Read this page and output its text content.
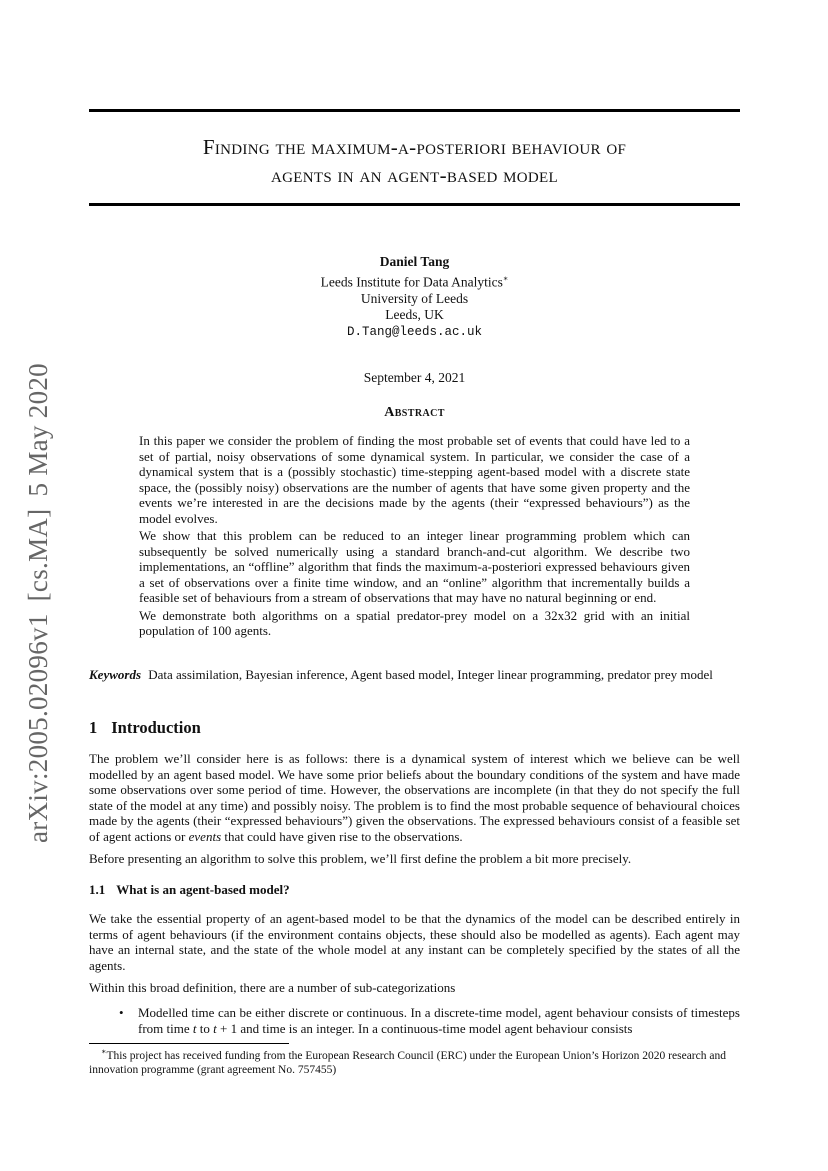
arXiv:2005.02096v1[cs.MA]5 May 2020
Finding the maximum-a-posteriori behaviour of
agents in an agent-based model
Daniel Tang
Leeds Institute for Data Analytics∗
University of Leeds
Leeds, UK
D.Tang@leeds.ac.uk
September 4, 2021
Abstract

In this paper we consider the problem of finding the most probable set of events that could have led to a set of partial, noisy observations of some dynamical system. In particular, we consider the case of a dynamical system that is a (possibly stochastic) time-stepping agent-based model with a discrete state space, the (possibly noisy) observations are the number of agents that have some given property and the events we’re interested in are the decisions made by the agents (their “expressed behaviours”) as the model evolves.

We show that this problem can be reduced to an integer linear programming problem which can subsequently be solved numerically using a standard branch-and-cut algorithm. We describe two implementations, an “offline” algorithm that finds the maximum-a-posteriori expressed behaviours given a set of observations over a finite time window, and an “online” algorithm that incrementally builds a feasible set of behaviours from a stream of observations that may have no natural beginning or end.

We demonstrate both algorithms on a spatial predator-prey model on a 32x32 grid with an initial population of 100 agents.

Keywords Data assimilation, Bayesian inference, Agent based model, Integer linear programming, predator prey model
1 Introduction

The problem we’ll consider here is as follows: there is a dynamical system of interest which we believe can be well modelled by an agent based model. We have some prior beliefs about the boundary conditions of the system and have made some observations over some period of time. However, the observations are incomplete (in that they do not specify the full state of the model at any time) and possibly noisy. The problem is to find the most probable sequence of behavioural choices made by the agents (their “expressed behaviours”) given the observations. The expressed behaviours consist of a feasible set of agent actions or events that could have given rise to the observations.

Before presenting an algorithm to solve this problem, we’ll first define the problem a bit more precisely.

1.1 What is an agent-based model?

We take the essential property of an agent-based model to be that the dynamics of the model can be described entirely in terms of agent behaviours (if the environment contains objects, these should also be modelled as agents). Each agent may have an internal state, and the state of the whole model at any instant can be completely specified by the states of all the agents.

Within this broad definition, there are a number of sub-categorizations

• Modelled time can be either discrete or continuous. In a discrete-time model, agent behaviour consists of timesteps from time t to t + 1 and time is an integer. In a continuous-time model agent behaviour consists
∗This project has received funding from the European Research Council (ERC) under the European Union’s Horizon 2020 research and innovation programme (grant agreement No. 757455)
